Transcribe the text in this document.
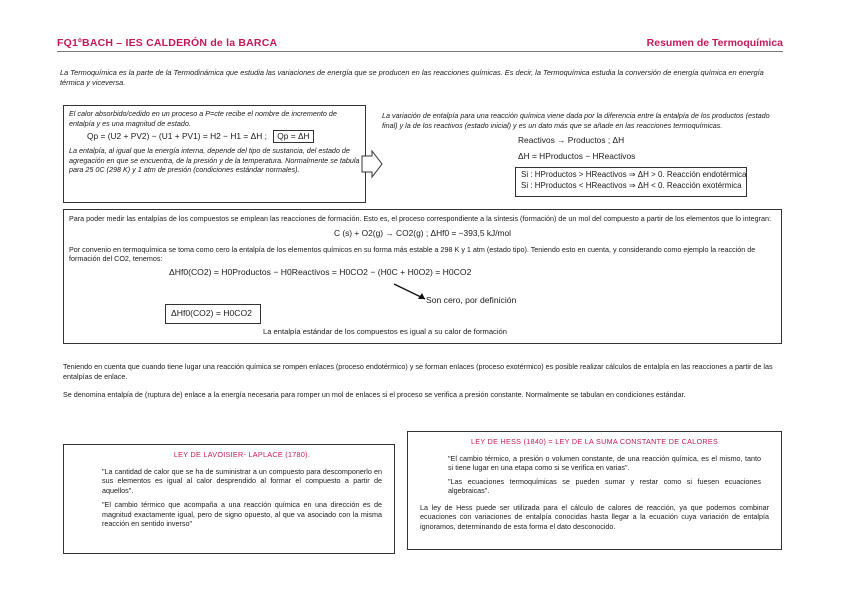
FQ1ºBACH – IES CALDERÓN de la BARCA	Resumen de Termoquímica
La Termoquímica es la parte de la Termodinámica que estudia las variaciones de energía que se producen en las reacciones químicas. Es decir, la Termoquímica estudia la conversión de energía química en energía térmica y viceversa.

El calor absorbido/cedido en un proceso a P=cte recibe el nombre de incremento de entalpía y es una magnitud de estado.

Qp = (U2 + PV2) − (U1 + PV1) = H2 − H1 = ΔH ; Qp = ΔH

La entalpía, al igual que la energía interna, depende del tipo de sustancia, del estado de agregación en que se encuentra, de la presión y de la temperatura. Normalmente se tabula para 25 0C (298 K) y 1 atm de presión (condiciones estándar normales).

La variación de entalpía para una reacción química viene dada por la diferencia entre la entalpía de los productos (estado final) y la de los reactivos (estado inicial) y es un dato más que se añade en las reacciones termoquímicas.
Reactivos → Productos ; ΔH
ΔH = HProductos − HReactivos
Si : HProductos > HReactivos ⇒ ΔH > 0. Reacción endotérmica
Si : HProductos < HReactivos ⇒ ΔH < 0. Reacción exotérmica

Para poder medir las entalpías de los compuestos se emplean las reacciones de formación. Esto es, el proceso correspondiente a la síntesis (formación) de un mol del compuesto a partir de los elementos que lo integran:

C (s) + O2(g) → CO2(g) ; ΔHf0 = −393,5 kJ/mol

Por convenio en termoquímica se toma como cero la entalpía de los elementos químicos en su forma más estable a 298 K y 1 atm (estado tipo). Teniendo esto en cuenta, y considerando como ejemplo la reacción de formación del CO2, tenemos:

ΔHf0(CO2) = H0Productos − H0Reactivos = H0CO2 − (H0C + H0O2) = H0CO2
Son cero, por definición
ΔHf0(CO2) = H0CO2
La entalpía estándar de los compuestos es igual a su calor de formación
Teniendo en cuenta que cuando tiene lugar una reacción química se rompen enlaces (proceso endotérmico) y se forman enlaces (proceso exotérmico) es posible realizar cálculos de entalpía en las reacciones a partir de las entalpías de enlace.
Se denomina entalpía de (ruptura de) enlace a la energía necesaria para romper un mol de enlaces si el proceso se verifica a presión constante. Normalmente se tabulan en condiciones estándar.
LEY DE LAVOISIER- LAPLACE (1780).

"La cantidad de calor que se ha de suministrar a un compuesto para descomponerlo en sus elementos es igual al calor desprendido al formar el compuesto a partir de aquellos".

"El cambio térmico que acompaña a una reacción química en una dirección es de magnitud exactamente igual, pero de signo opuesto, al que va asociado con la misma reacción en sentido inverso"

LEY DE HESS (1840) = LEY DE LA SUMA CONSTANTE DE CALORES

"El cambio térmico, a presión o volumen constante, de una reacción química, es el mismo, tanto si tiene lugar en una etapa como si se verifica en varias".

"Las ecuaciones termoquímicas se pueden sumar y restar como si fuesen ecuaciones algebraicas".

La ley de Hess puede ser utilizada para el cálculo de calores de reacción, ya que podemos combinar ecuaciones con variaciones de entalpía conocidas hasta llegar a la ecuación cuya variación de entalpía ignoramos, determinando de esta forma el dato desconocido.
